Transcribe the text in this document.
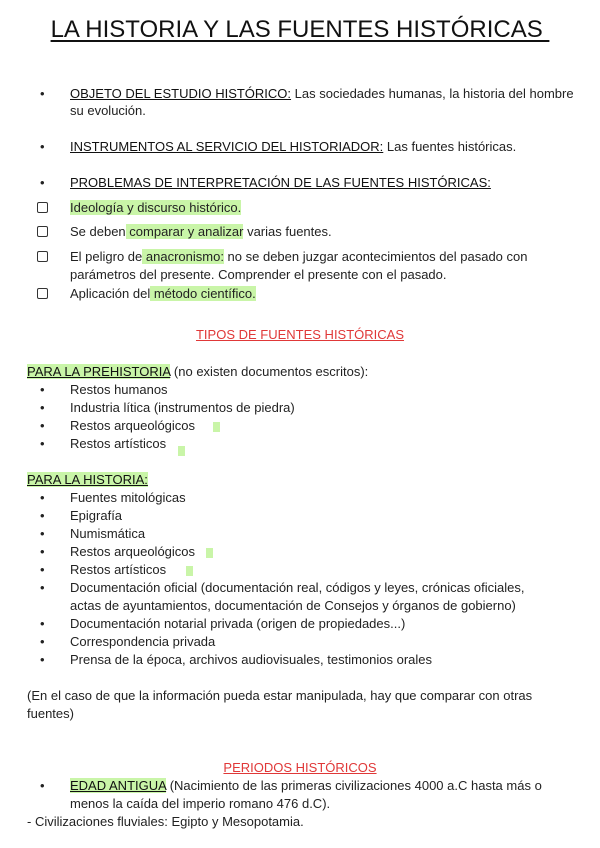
LA HISTORIA Y LAS FUENTES HISTÓRICAS
• OBJETO DEL ESTUDIO HISTÓRICO: Las sociedades humanas, la historia del hombre
su evolución.
• INSTRUMENTOS AL SERVICIO DEL HISTORIADOR: Las fuentes históricas.
• PROBLEMAS DE INTERPRETACIÓN DE LAS FUENTES HISTÓRICAS:
Ideología y discurso histórico.
Se deben comparar y analizar varias fuentes.
El peligro de anacronismo: no se deben juzgar acontecimientos del pasado con
parámetros del presente. Comprender el presente con el pasado.
Aplicación del método científico.
TIPOS DE FUENTES HISTÓRICAS
PARA LA PREHISTORIA (no existen documentos escritos):
• Restos humanos
• Industria lítica (instrumentos de piedra)
• Restos arqueológicos
• Restos artísticos
PARA LA HISTORIA:
• Fuentes mitológicas
• Epigrafía
• Numismática
• Restos arqueológicos
• Restos artísticos
• Documentación oficial (documentación real, códigos y leyes, crónicas oficiales,
actas de ayuntamientos, documentación de Consejos y órganos de gobierno)
• Documentación notarial privada (origen de propiedades...)
• Correspondencia privada
• Prensa de la época, archivos audiovisuales, testimonios orales
(En el caso de que la información pueda estar manipulada, hay que comparar con otras
fuentes)
PERIODOS HISTÓRICOS
• EDAD ANTIGUA (Nacimiento de las primeras civilizaciones 4000 a.C hasta más o
menos la caída del imperio romano 476 d.C).
- Civilizaciones fluviales: Egipto y Mesopotamia.
